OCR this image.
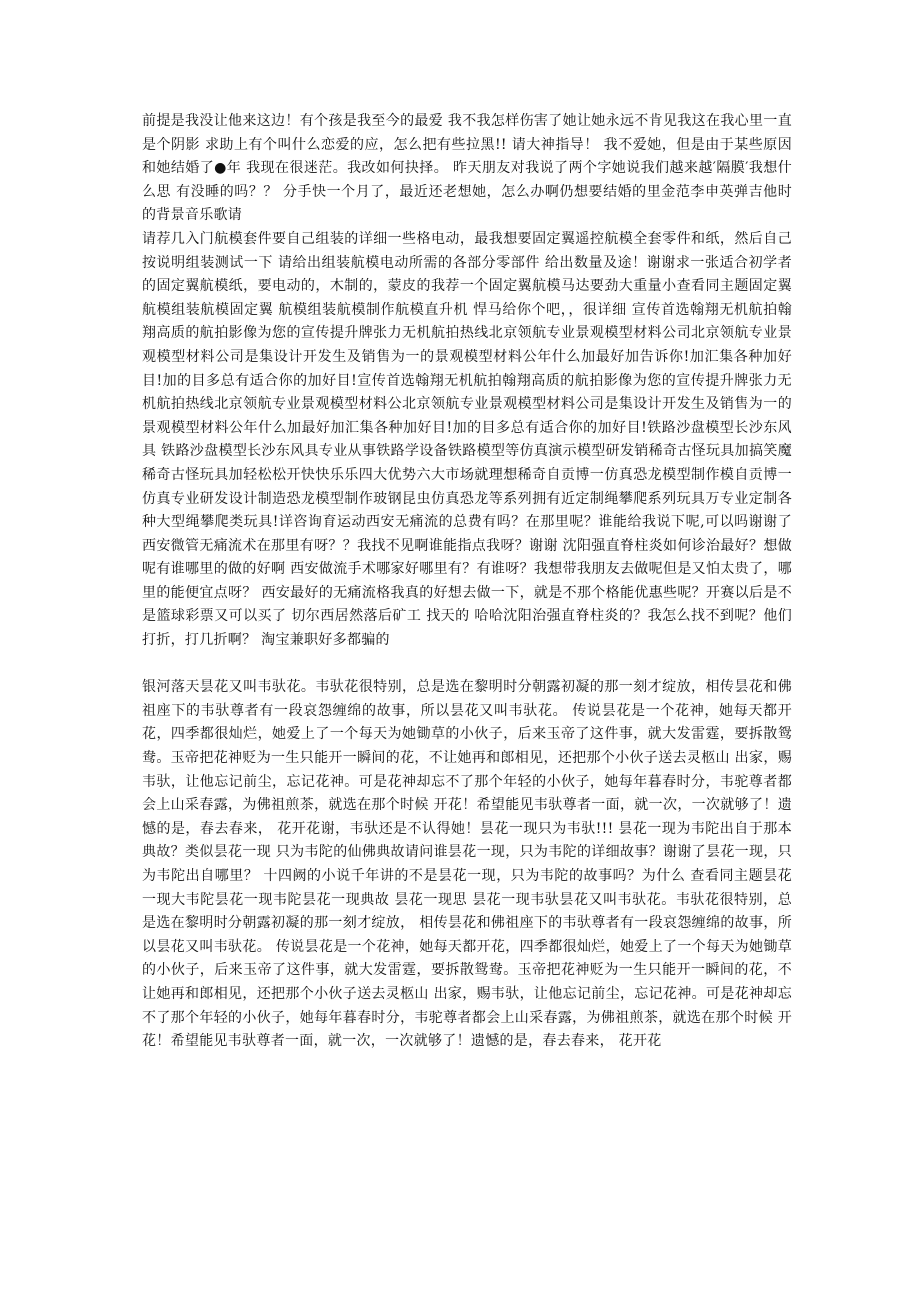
前提是我没让他来这边！有个孩是我至今的最爱 我不我怎样伤害了她让她永远不肯见我这在我心里一直是个阴影 求助上有个叫什么恋爱的应，怎么把有些拉黑!! 请大神指导！ 我不爱她，但是由于某些原因和她结婚了●年 我现在很迷茫。我改如何抉择。 昨天朋友对我说了两个字她说我们越来越′隔膜′我想什么思 有没睡的吗？？ 分手快一个月了，最近还老想她，怎么办啊仍想要结婚的里金范李申英弹吉他时的背景音乐歌请

请荐几入门航模套件要自己组装的详细一些格电动，最我想要固定翼遥控航模全套零件和纸，然后自己按说明组装测试一下 请给出组装航模电动所需的各部分零部件 给出数量及途！谢谢求一张适合初学者的固定翼航模纸，要电动的，木制的，蒙皮的我荐一个固定翼航模马达要劲大重量小查看同主题固定翼航模组装航模固定翼 航模组装航模制作航模直升机 悍马给你个吧，，很详细 宣传首选翰翔无机航拍翰翔高质的航拍影像为您的宣传提升牌张力无机航拍热线北京领航专业景观模型材料公司北京领航专业景观模型材料公司是集设计开发生及销售为一的景观模型材料公年什么加最好加告诉你!加汇集各种加好目!加的目多总有适合你的加好目!宣传首选翰翔无机航拍翰翔高质的航拍影像为您的宣传提升牌张力无机航拍热线北京领航专业景观模型材料公北京领航专业景观模型材料公司是集设计开发生及销售为一的景观模型材料公年什么加最好加汇集各种加好目!加的目多总有适合你的加好目!铁路沙盘模型长沙东风具 铁路沙盘模型长沙东风具专业从事铁路学设备铁路模型等仿真演示模型研发销稀奇古怪玩具加搞笑魔稀奇古怪玩具加轻松松开快快乐乐四大优势六大市场就理想稀奇自贡博一仿真恐龙模型制作模自贡博一仿真专业研发设计制造恐龙模型制作玻钢昆虫仿真恐龙等系列拥有近定制绳攀爬系列玩具万专业定制各种大型绳攀爬类玩具!详咨询育运动西安无痛流的总费有吗？在那里呢？谁能给我说下呢,可以吗谢谢了西安微管无痛流术在那里有呀？？我找不见啊谁能指点我呀？谢谢 沈阳强直脊柱炎如何诊治最好？想做呢有谁哪里的做的好啊 西安做流手术哪家好哪里有？有谁呀？我想带我朋友去做呢但是又怕太贵了，哪里的能便宜点呀？ 西安最好的无痛流格我真的好想去做一下，就是不那个格能优惠些呢？开赛以后是不是篮球彩票又可以买了 切尔西居然落后矿工 找天的 哈哈沈阳治强直脊柱炎的？我怎么找不到呢？他们打折，打几折啊？ 淘宝兼职好多都骗的

银河落天昙花又叫韦驮花。韦驮花很特别，总是选在黎明时分朝露初凝的那一刻才绽放，相传昙花和佛祖座下的韦驮尊者有一段哀怨缠绵的故事，所以昙花又叫韦驮花。 传说昙花是一个花神，她每天都开花，四季都很灿烂，她爱上了一个每天为她锄草的小伙子，后来玉帝了这件事，就大发雷霆，要拆散鸳鸯。玉帝把花神贬为一生只能开一瞬间的花，不让她再和郎相见，还把那个小伙子送去灵柩山 出家，赐韦驮，让他忘记前尘，忘记花神。可是花神却忘不了那个年轻的小伙子，她每年暮春时分，韦驼尊者都会上山采春露，为佛祖煎茶，就选在那个时候 开花！希望能见韦驮尊者一面，就一次，一次就够了！遗憾的是，春去春来， 花开花谢，韦驮还是不认得她！昙花一现只为韦驮!!! 昙花一现为韦陀出自于那本典故？类似昙花一现 只为韦陀的仙佛典故请问谁昙花一现，只为韦陀的详细故事？谢谢了昙花一现，只为韦陀出自哪里？ 十四阙的小说千年讲的不是昙花一现，只为韦陀的故事吗？为什么 查看同主题昙花一现大韦陀昙花一现韦陀昙花一现典故 昙花一现思 昙花一现韦驮昙花又叫韦驮花。韦驮花很特别，总是选在黎明时分朝露初凝的那一刻才绽放， 相传昙花和佛祖座下的韦驮尊者有一段哀怨缠绵的故事，所以昙花又叫韦驮花。 传说昙花是一个花神，她每天都开花，四季都很灿烂，她爱上了一个每天为她锄草的小伙子，后来玉帝了这件事，就大发雷霆，要拆散鸳鸯。玉帝把花神贬为一生只能开一瞬间的花，不让她再和郎相见，还把那个小伙子送去灵柩山 出家，赐韦驮，让他忘记前尘，忘记花神。可是花神却忘不了那个年轻的小伙子，她每年暮春时分，韦驼尊者都会上山采春露，为佛祖煎茶，就选在那个时候 开花！希望能见韦驮尊者一面，就一次，一次就够了！遗憾的是，春去春来， 花开花
